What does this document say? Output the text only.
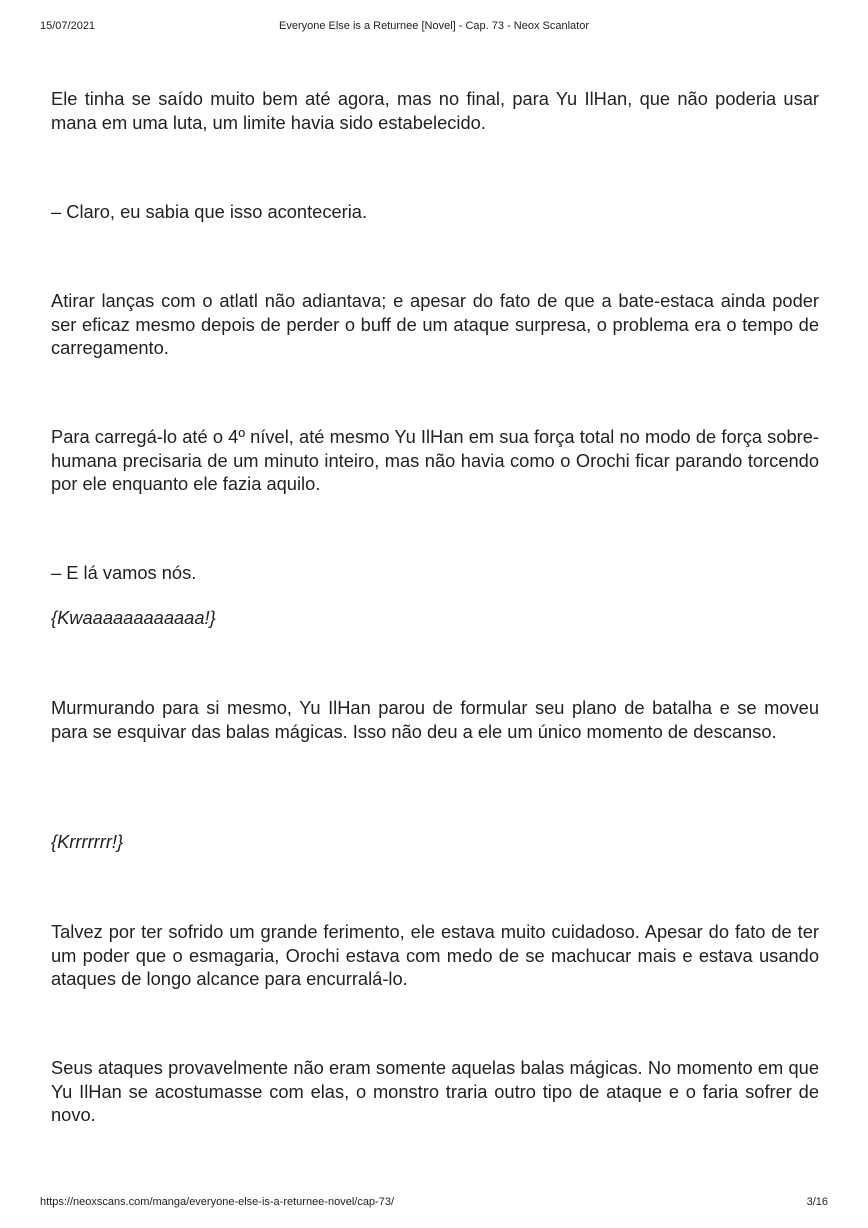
15/07/2021	Everyone Else is a Returnee [Novel] - Cap. 73 - Neox Scanlator

Ele tinha se saído muito bem até agora, mas no final, para Yu IlHan, que não poderia usar mana em uma luta, um limite havia sido estabelecido.

– Claro, eu sabia que isso aconteceria.

Atirar lanças com o atlatl não adiantava; e apesar do fato de que a bate-estaca ainda poder ser eficaz mesmo depois de perder o buff de um ataque surpresa, o problema era o tempo de carregamento.

Para carregá-lo até o 4º nível, até mesmo Yu IlHan em sua força total no modo de força sobre-humana precisaria de um minuto inteiro, mas não havia como o Orochi ficar parando torcendo por ele enquanto ele fazia aquilo.

– E lá vamos nós.

{Kwaaaaaaaaaaaa!}

Murmurando para si mesmo, Yu IlHan parou de formular seu plano de batalha e se moveu para se esquivar das balas mágicas. Isso não deu a ele um único momento de descanso.

{Krrrrrrr!}

Talvez por ter sofrido um grande ferimento, ele estava muito cuidadoso. Apesar do fato de ter um poder que o esmagaria, Orochi estava com medo de se machucar mais e estava usando ataques de longo alcance para encurralá-lo.

Seus ataques provavelmente não eram somente aquelas balas mágicas. No momento em que Yu IlHan se acostumasse com elas, o monstro traria outro tipo de ataque e o faria sofrer de novo.

https://neoxscans.com/manga/everyone-else-is-a-returnee-novel/cap-73/	3/16
